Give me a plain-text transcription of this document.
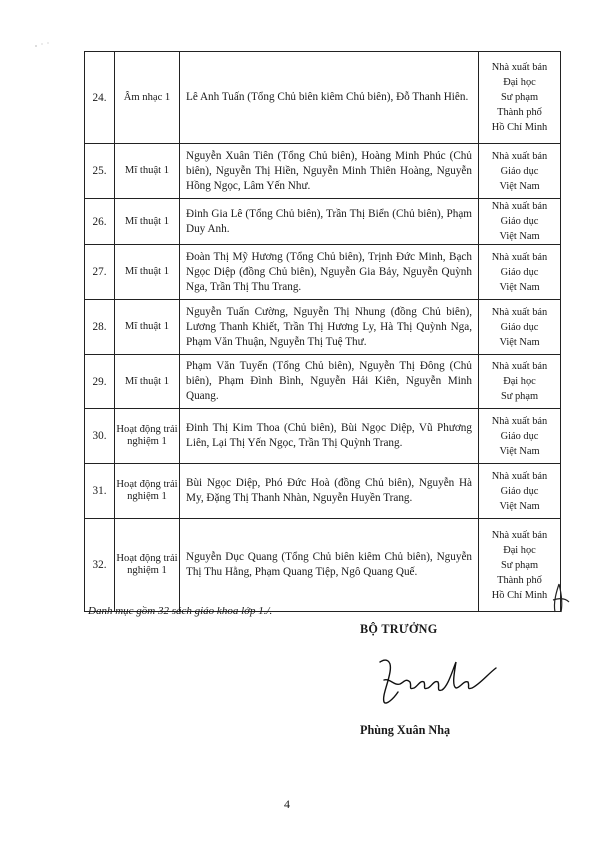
24.	Âm nhạc 1	Lê Anh Tuấn (Tổng Chủ biên kiêm Chủ biên), Đỗ Thanh Hiên.	Nhà xuất bản
Đại học
Sư phạm
Thành phố
Hồ Chí Minh

25.	Mĩ thuật 1	Nguyễn Xuân Tiên (Tổng Chủ biên), Hoàng Minh Phúc (Chủ biên), Nguyễn Thị Hiền, Nguyễn Minh Thiên Hoàng, Nguyễn Hồng Ngọc, Lâm Yến Như.	Nhà xuất bản
Giáo dục
Việt Nam

26.	Mĩ thuật 1	Đinh Gia Lê (Tổng Chủ biên), Trần Thị Biển (Chủ biên), Phạm Duy Anh.	Nhà xuất bản
Giáo dục
Việt Nam

27.	Mĩ thuật 1	Đoàn Thị Mỹ Hương (Tổng Chủ biên), Trịnh Đức Minh, Bạch Ngọc Diệp (đồng Chủ biên), Nguyễn Gia Bảy, Nguyễn Quỳnh Nga, Trần Thị Thu Trang.	Nhà xuất bản
Giáo dục
Việt Nam

28.	Mĩ thuật 1	Nguyễn Tuấn Cường, Nguyễn Thị Nhung (đồng Chủ biên), Lương Thanh Khiết, Trần Thị Hương Ly, Hà Thị Quỳnh Nga, Phạm Văn Thuận, Nguyễn Thị Tuệ Thư.	Nhà xuất bản
Giáo dục
Việt Nam

29.	Mĩ thuật 1	Phạm Văn Tuyến (Tổng Chủ biên), Nguyễn Thị Đông (Chủ biên), Phạm Đình Bình, Nguyễn Hải Kiên, Nguyễn Minh Quang.	Nhà xuất bản
Đại học
Sư phạm

30.	Hoạt động trải nghiệm 1	Đinh Thị Kim Thoa (Chủ biên), Bùi Ngọc Diệp, Vũ Phương Liên, Lại Thị Yến Ngọc, Trần Thị Quỳnh Trang.	Nhà xuất bản
Giáo dục
Việt Nam

31.	Hoạt động trải nghiệm 1	Bùi Ngọc Diệp, Phó Đức Hoà (đồng Chủ biên), Nguyễn Hà My, Đặng Thị Thanh Nhàn, Nguyễn Huyền Trang.	Nhà xuất bản
Giáo dục
Việt Nam

32.	Hoạt động trải nghiệm 1	Nguyễn Dục Quang (Tổng Chủ biên kiêm Chủ biên), Nguyễn Thị Thu Hằng, Phạm Quang Tiệp, Ngô Quang Quế.	Nhà xuất bản
Đại học
Sư phạm
Thành phố
Hồ Chí Minh
Danh mục gồm 32 sách giáo khoa lớp 1./.
BỘ TRƯỞNG
Phùng Xuân Nhạ
4
